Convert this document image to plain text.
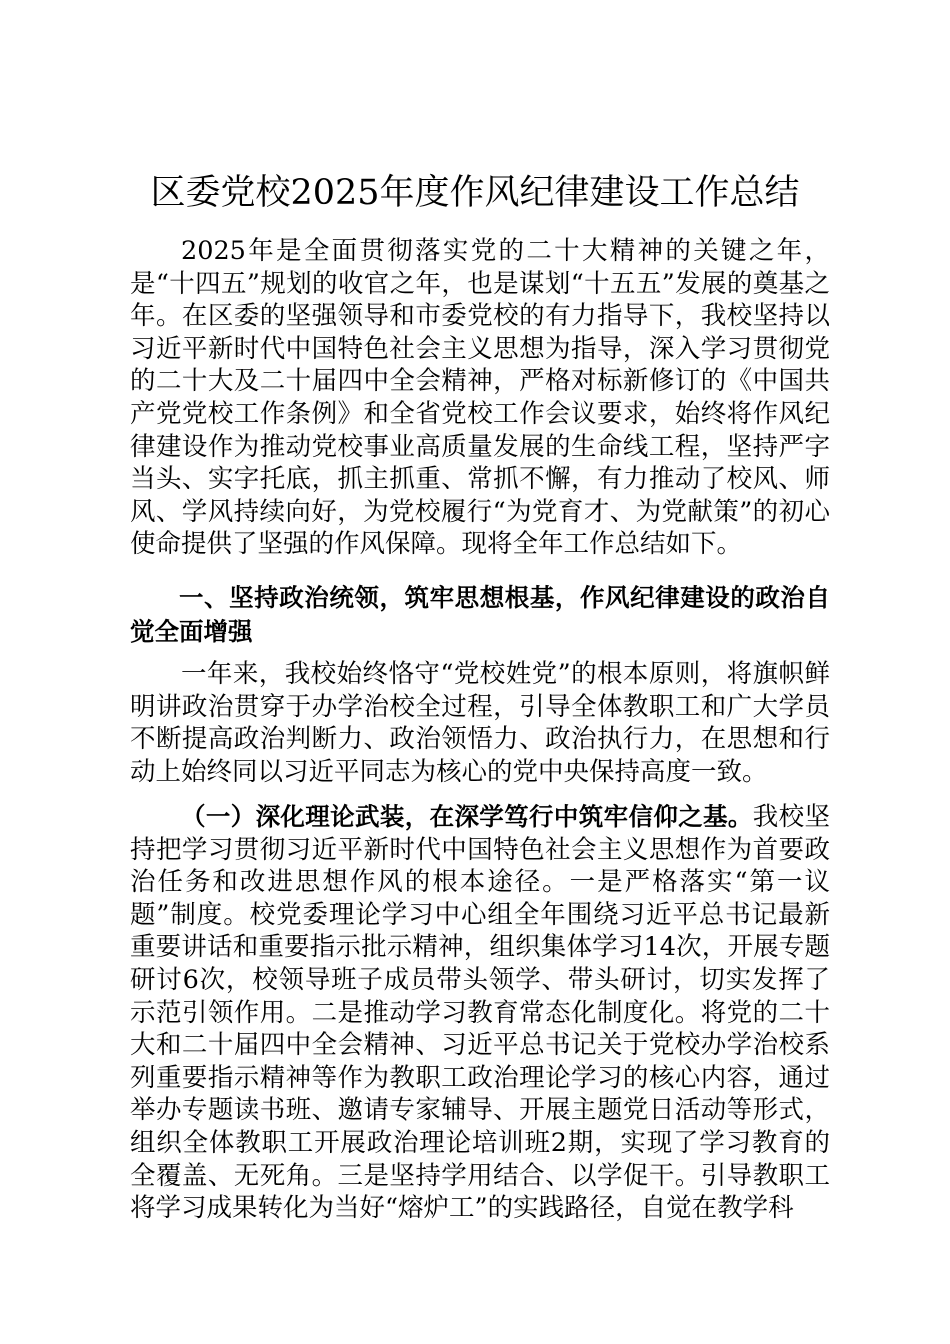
区委党校2025年度作风纪律建设工作总结
2025年是全面贯彻落实党的二十大精神的关键之年，是“十四五”规划的收官之年，也是谋划“十五五”发展的奠基之年。在区委的坚强领导和市委党校的有力指导下，我校坚持以习近平新时代中国特色社会主义思想为指导，深入学习贯彻党的二十大及二十届四中全会精神，严格对标新修订的《中国共产党党校工作条例》和全省党校工作会议要求，始终将作风纪律建设作为推动党校事业高质量发展的生命线工程，坚持严字当头、实字托底，抓主抓重、常抓不懈，有力推动了校风、师风、学风持续向好，为党校履行“为党育才、为党献策”的初心使命提供了坚强的作风保障。现将全年工作总结如下。
一、坚持政治统领，筑牢思想根基，作风纪律建设的政治自觉全面增强
一年来，我校始终恪守“党校姓党”的根本原则，将旗帜鲜明讲政治贯穿于办学治校全过程，引导全体教职工和广大学员不断提高政治判断力、政治领悟力、政治执行力，在思想和行动上始终同以习近平同志为核心的党中央保持高度一致。
（一）深化理论武装，在深学笃行中筑牢信仰之基。我校坚持把学习贯彻习近平新时代中国特色社会主义思想作为首要政治任务和改进思想作风的根本途径。一是严格落实“第一议题”制度。校党委理论学习中心组全年围绕习近平总书记最新重要讲话和重要指示批示精神，组织集体学习14次，开展专题研讨6次，校领导班子成员带头领学、带头研讨，切实发挥了示范引领作用。二是推动学习教育常态化制度化。将党的二十大和二十届四中全会精神、习近平总书记关于党校办学治校系列重要指示精神等作为教职工政治理论学习的核心内容，通过举办专题读书班、邀请专家辅导、开展主题党日活动等形式，组织全体教职工开展政治理论培训班2期，实现了学习教育的全覆盖、无死角。三是坚持学用结合、以学促干。引导教职工将学习成果转化为当好“熔炉工”的实践路径，自觉在教学科
